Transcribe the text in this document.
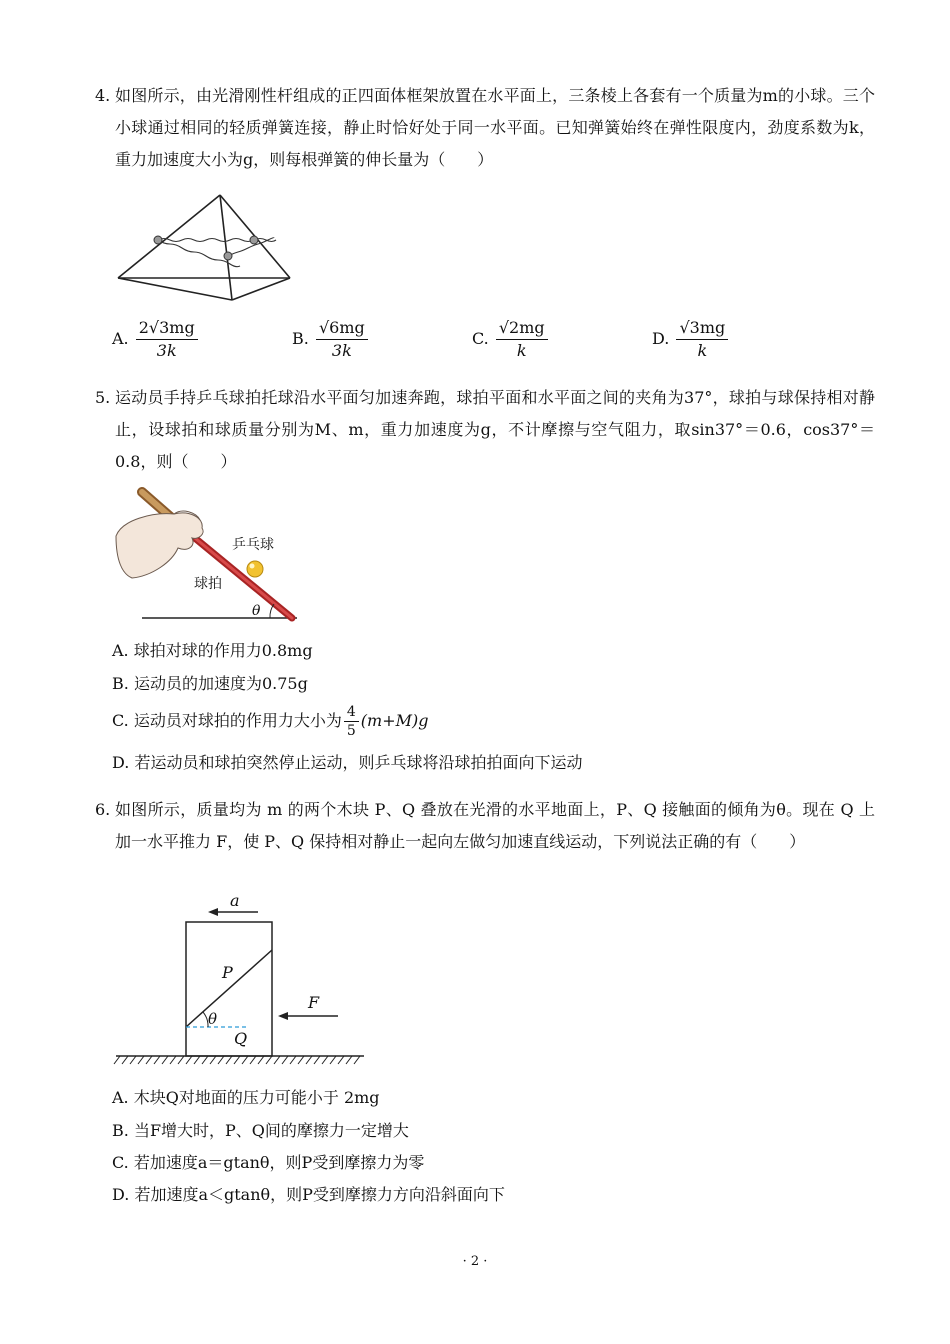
4. 如图所示，由光滑刚性杆组成的正四面体框架放置在水平面上，三条棱上各套有一个质量为m的小球。三个小球通过相同的轻质弹簧连接，静止时恰好处于同一水平面。已知弹簧始终在弹性限度内，劲度系数为k，重力加速度大小为g，则每根弹簧的伸长量为（　　）
A. $\frac{2√3mg}{3k}$	B. $\frac{√6mg}{3k}$	C. $\frac{√2mg}{k}$	D. $\frac{√3mg}{k}$
5. 运动员手持乒乓球拍托球沿水平面匀加速奔跑，球拍平面和水平面之间的夹角为37°，球拍与球保持相对静止，设球拍和球质量分别为M、m，重力加速度为g，不计摩擦与空气阻力，取sin37°＝0.6，cos37°＝0.8，则（　　）
θ
乒乓球
球拍
A. 球拍对球的作用力0.8mg
B. 运动员的加速度为0.75g
C. 运动员对球拍的作用力大小为 $\frac{4}{5} (m+M)g$
D. 若运动员和球拍突然停止运动，则乒乓球将沿球拍拍面向下运动
6. 如图所示，质量均为 m 的两个木块 P、Q 叠放在光滑的水平地面上，P、Q 接触面的倾角为θ。现在 Q 上加一水平推力 F，使 P、Q 保持相对静止一起向左做匀加速直线运动，下列说法正确的有（　　）
a
θ
P
Q
F
A. 木块Q对地面的压力可能小于 2mg
B. 当F增大时，P、Q间的摩擦力一定增大
C. 若加速度a＝gtanθ，则P受到摩擦力为零
D. 若加速度a＜gtanθ，则P受到摩擦力方向沿斜面向下
· 2 ·
